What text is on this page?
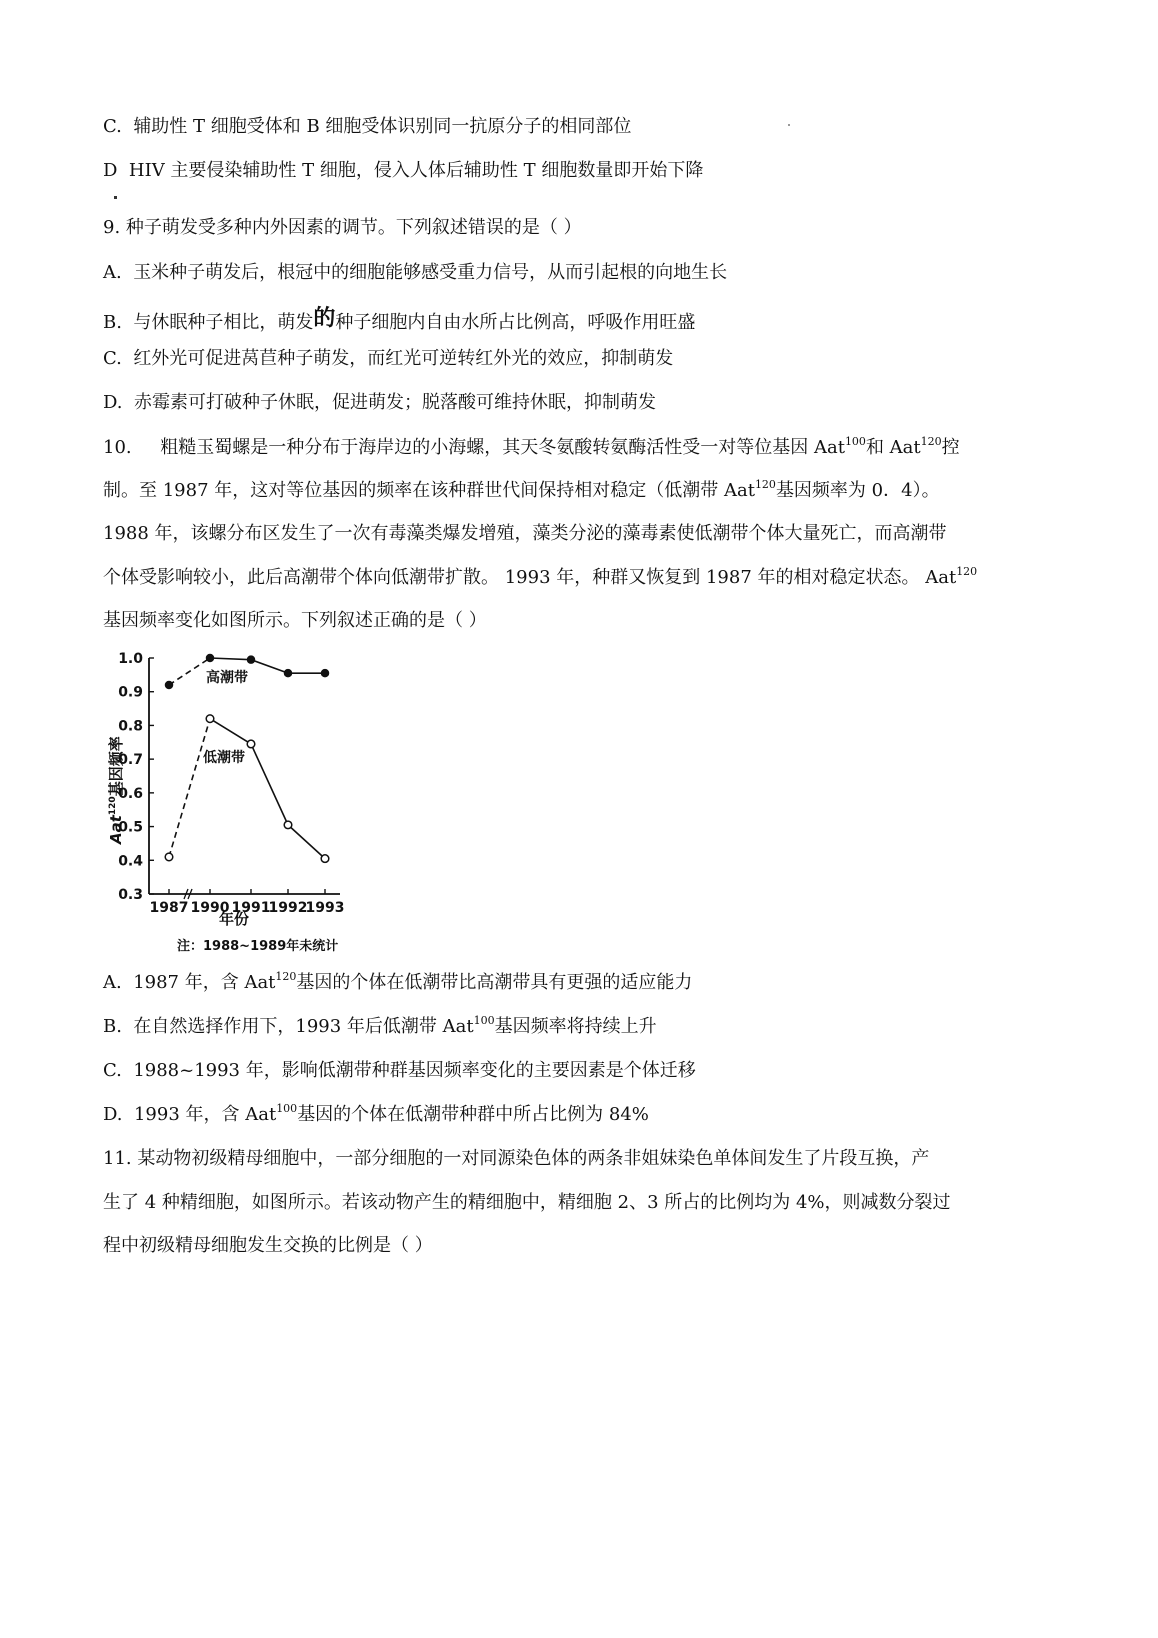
C. 辅助性 T 细胞受体和 B 细胞受体识别同一抗原分子的相同部位
D HIV 主要侵染辅助性 T 细胞，侵入人体后辅助性 T 细胞数量即开始下降
9. 种子萌发受多种内外因素的调节。下列叙述错误的是（ ）
A. 玉米种子萌发后，根冠中的细胞能够感受重力信号，从而引起根的向地生长
B. 与休眠种子相比，萌发的种子细胞内自由水所占比例高，呼吸作用旺盛
C. 红外光可促进莴苣种子萌发，而红光可逆转红外光的效应，抑制萌发
D. 赤霉素可打破种子休眠，促进萌发；脱落酸可维持休眠，抑制萌发
10. 粗糙玉蜀螺是一种分布于海岸边的小海螺，其天冬氨酸转氨酶活性受一对等位基因 Aat$^{100}$和 Aat$^{120}$控
制。至 1987 年，这对等位基因的频率在该种群世代间保持相对稳定（低潮带 Aat$^{120}$基因频率为 0．4）。
1988 年，该螺分布区发生了一次有毒藻类爆发增殖，藻类分泌的藻毒素使低潮带个体大量死亡，而高潮带
个体受影响较小，此后高潮带个体向低潮带扩散。 1993 年，种群又恢复到 1987 年的相对稳定状态。 Aat$^{120}$
基因频率变化如图所示。下列叙述正确的是（ ）
0.3
0.4
0.5
0.6
0.7
0.8
0.9
1.0
1987 1990 1991
1992
1993
高潮带
低潮带
Aat$^{120}$基因频率
年份
注：1988~1989年未统计
A. 1987 年，含 Aat$^{120}$基因的个体在低潮带比高潮带具有更强的适应能力
B. 在自然选择作用下，1993 年后低潮带 Aat$^{100}$基因频率将持续上升
C. 1988~1993 年，影响低潮带种群基因频率变化的主要因素是个体迁移
D. 1993 年，含 Aat$^{100}$基因的个体在低潮带种群中所占比例为 84%
11. 某动物初级精母细胞中，一部分细胞的一对同源染色体的两条非姐妹染色单体间发生了片段互换，产
生了 4 种精细胞，如图所示。若该动物产生的精细胞中，精细胞 2、3 所占的比例均为 4%，则减数分裂过
程中初级精母细胞发生交换的比例是（ ）
